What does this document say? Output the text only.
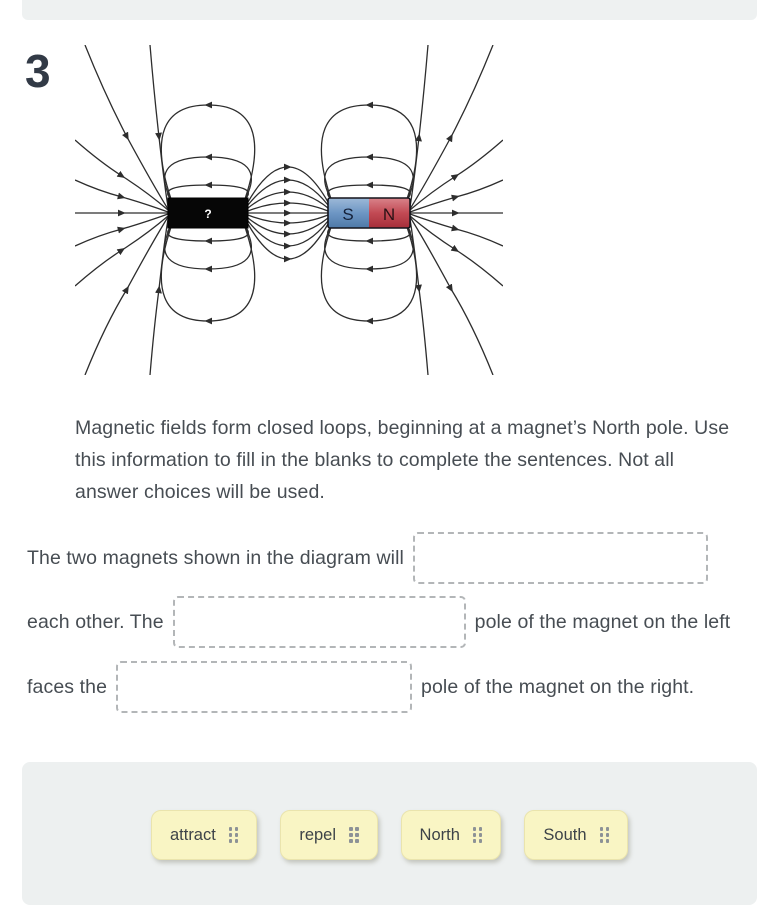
3
?	S N

Magnetic fields form closed loops, beginning at a magnet’s North pole. Use this information to fill in the blanks to complete the sentences. Not all answer choices will be used.

The two magnets shown in the diagram will
each other. The	pole of the magnet on the left
faces the	pole of the magnet on the right.
attract	repel	North	South
